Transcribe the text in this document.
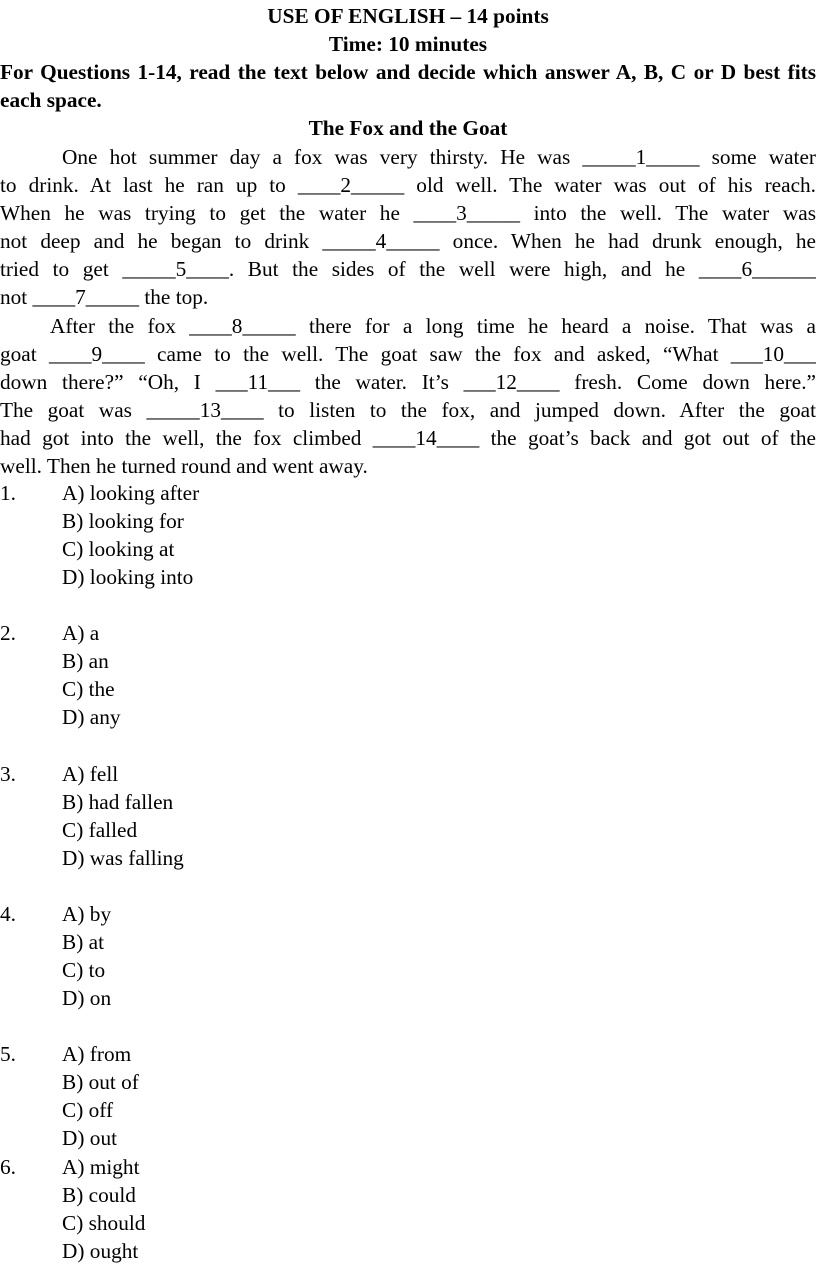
USE OF ENGLISH – 14 points
Time: 10 minutes
For Questions 1-14, read the text below and decide which answer A, B, C or D best fits each space.
The Fox and the Goat
One hot summer day a fox was very thirsty. He was _____1_____ some water
to drink. At last he ran up to ____2_____ old well. The water was out of his reach.
When he was trying to get the water he ____3_____ into the well. The water was
not deep and he began to drink _____4_____ once. When he had drunk enough, he
tried to get _____5____. But the sides of the well were high, and he ____6______
not ____7_____ the top.
After the fox ____8_____ there for a long time he heard a noise. That was a
goat ____9____ came to the well. The goat saw the fox and asked, “What ___10___
down there?” “Oh, I ___11___ the water. It’s ___12____ fresh. Come down here.”
The goat was _____13____ to listen to the fox, and jumped down. After the goat
had got into the well, the fox climbed ____14____ the goat’s back and got out of the
well. Then he turned round and went away.
1. A) looking after
B) looking for
C) looking at
D) looking into
2. A) a
B) an
C) the
D) any
3. A) fell
B) had fallen
C) falled
D) was falling
4. A) by
B) at
C) to
D) on
5. A) from
B) out of
C) off
D) out
6. A) might
B) could
C) should
D) ought
